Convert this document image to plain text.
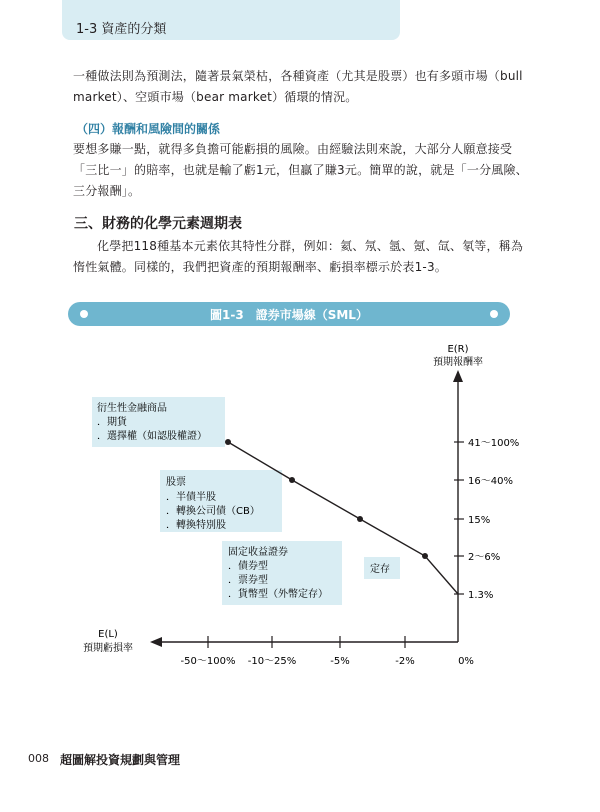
1-3 資產的分類

一種做法則為預測法，隨著景氣榮枯，各種資產（尤其是股票）也有多頭市場（bull market）、空頭市場（bear market）循環的情況。

（四）報酬和風險間的關係

要想多賺一點，就得多負擔可能虧損的風險。由經驗法則來說，大部分人願意接受「三比一」的賠率，也就是輸了虧1元，但贏了賺3元。簡單的說，就是「一分風險、三分報酬」。

三、財務的化學元素週期表

化學把118種基本元素依其特性分群，例如：氦、氖、氬、氪、氙、氡等，稱為惰性氣體。同樣的，我們把資產的預期報酬率、虧損率標示於表1-3。

圖1-3　證券市場線（SML）
衍生性金融商品
．期貨
．選擇權（如認股權證）
股票
．半債半股
．轉換公司債（CB）
．轉換特別股
固定收益證券
．債券型
．票券型
．貨幣型（外幣定存）
定存
E(R)
預期報酬率
E(L)
預期虧損率
-50～100% -10～25%	-5%	-2%	0%
1.3%
2～6%
15%
16～40%
41～100%
008 超圖解投資規劃與管理
